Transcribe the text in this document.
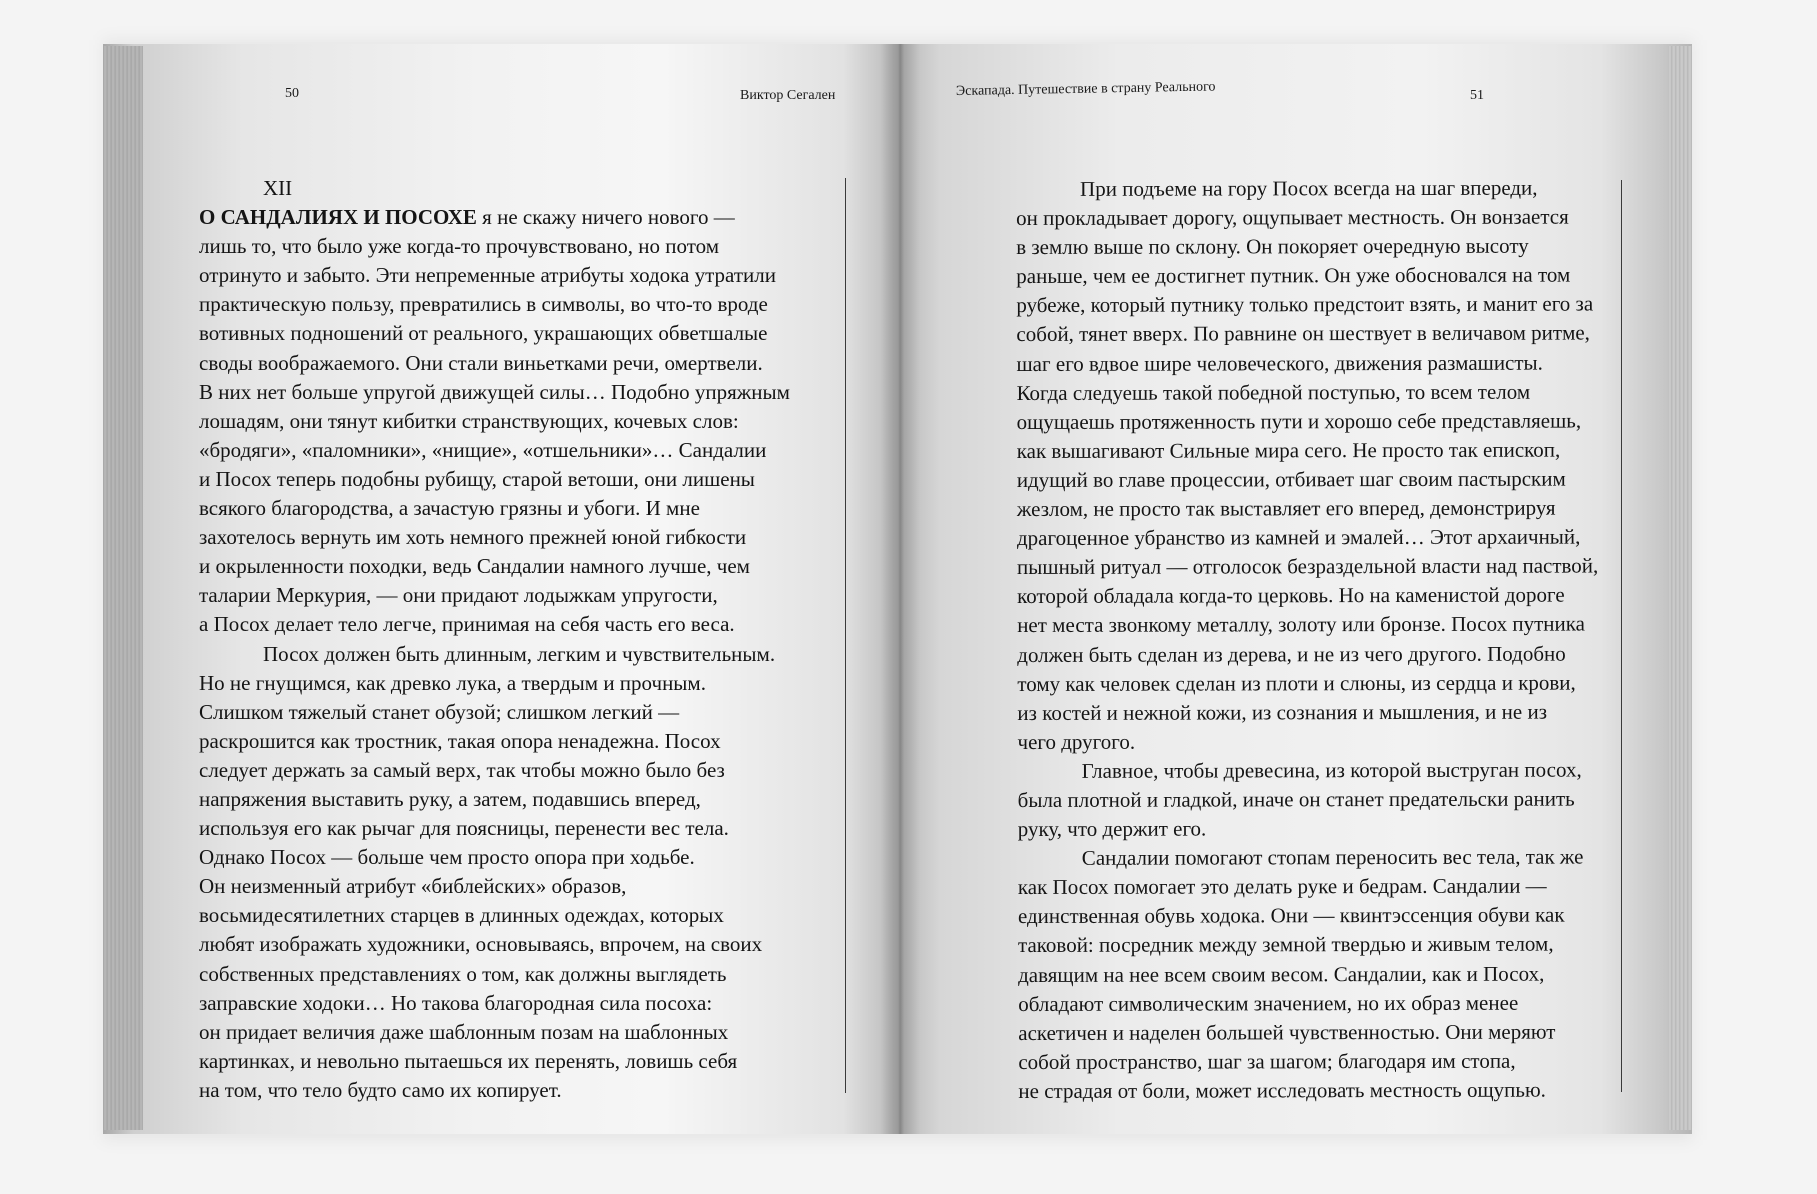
50	Виктор Сегален	Эскапада. Путешествие в страну Реального	51
XII
О САНДАЛИЯХ И ПОСОХЕ я не скажу ничего нового —
лишь то, что было уже когда-то прочувствовано, но потом
отринуто и забыто. Эти непременные атрибуты ходока утратили
практическую пользу, превратились в символы, во что-то вроде
вотивных подношений от реального, украшающих обветшалые
своды воображаемого. Они стали виньетками речи, омертвели.
В них нет больше упругой движущей силы… Подобно упряжным
лошадям, они тянут кибитки странствующих, кочевых слов:
«бродяги», «паломники», «нищие», «отшельники»… Сандалии
и Посох теперь подобны рубищу, старой ветоши, они лишены
всякого благородства, а зачастую грязны и убоги. И мне
захотелось вернуть им хоть немного прежней юной гибкости
и окрыленности походки, ведь Сандалии намного лучше, чем
таларии Меркурия, — они придают лодыжкам упругости,
а Посох делает тело легче, принимая на себя часть его веса.
Посох должен быть длинным, легким и чувствительным.
Но не гнущимся, как древко лука, а твердым и прочным.
Слишком тяжелый станет обузой; слишком легкий —
раскрошится как тростник, такая опора ненадежна. Посох
следует держать за самый верх, так чтобы можно было без
напряжения выставить руку, а затем, подавшись вперед,
используя его как рычаг для поясницы, перенести вес тела.
Однако Посох — больше чем просто опора при ходьбе.
Он неизменный атрибут «библейских» образов,
восьмидесятилетних старцев в длинных одеждах, которых
любят изображать художники, основываясь, впрочем, на своих
собственных представлениях о том, как должны выглядеть
заправские ходоки… Но такова благородная сила посоха:
он придает величия даже шаблонным позам на шаблонных
картинках, и невольно пытаешься их перенять, ловишь себя
на том, что тело будто само их копирует.
При подъеме на гору Посох всегда на шаг впереди,
он прокладывает дорогу, ощупывает местность. Он вонзается
в землю выше по склону. Он покоряет очередную высоту
раньше, чем ее достигнет путник. Он уже обосновался на том
рубеже, который путнику только предстоит взять, и манит его за
собой, тянет вверх. По равнине он шествует в величавом ритме,
шаг его вдвое шире человеческого, движения размашисты.
Когда следуешь такой победной поступью, то всем телом
ощущаешь протяженность пути и хорошо себе представляешь,
как вышагивают Сильные мира сего. Не просто так епископ,
идущий во главе процессии, отбивает шаг своим пастырским
жезлом, не просто так выставляет его вперед, демонстрируя
драгоценное убранство из камней и эмалей… Этот архаичный,
пышный ритуал — отголосок безраздельной власти над паствой,
которой обладала когда-то церковь. Но на каменистой дороге
нет места звонкому металлу, золоту или бронзе. Посох путника
должен быть сделан из дерева, и не из чего другого. Подобно
тому как человек сделан из плоти и слюны, из сердца и крови,
из костей и нежной кожи, из сознания и мышления, и не из
чего другого.
Главное, чтобы древесина, из которой выструган посох,
была плотной и гладкой, иначе он станет предательски ранить
руку, что держит его.
Сандалии помогают стопам переносить вес тела, так же
как Посох помогает это делать руке и бедрам. Сандалии —
единственная обувь ходока. Они — квинтэссенция обуви как
таковой: посредник между земной твердью и живым телом,
давящим на нее всем своим весом. Сандалии, как и Посох,
обладают символическим значением, но их образ менее
аскетичен и наделен большей чувственностью. Они меряют
собой пространство, шаг за шагом; благодаря им стопа,
не страдая от боли, может исследовать местность ощупью.
